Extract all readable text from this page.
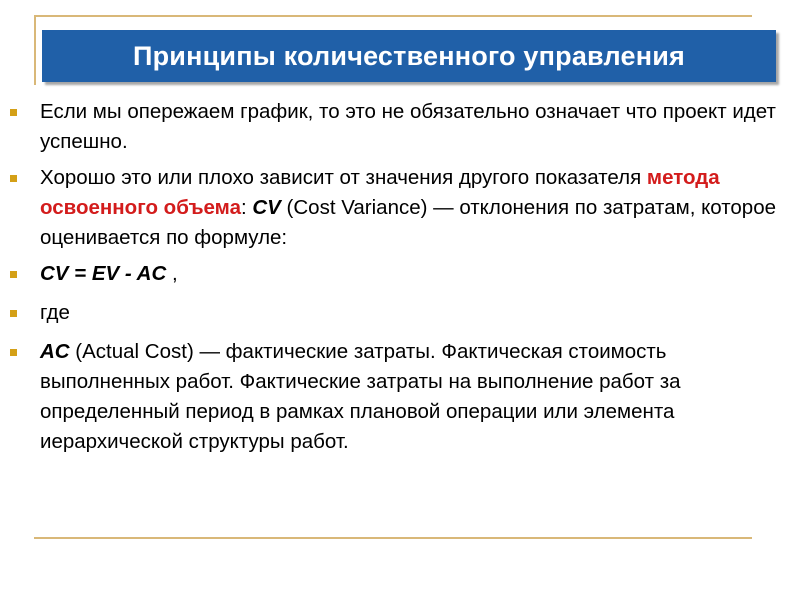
Принципы количественного управления
Если мы опережаем график, то это не обязательно означает что проект идет успешно.
Хорошо это или плохо зависит от значения другого показателя метода освоенного объема: CV (Cost Variance) — отклонения по затратам, которое оценивается по формуле:
CV = EV - AC ,
где
AC (Actual Cost) — фактические затраты. Фактическая стоимость выполненных работ. Фактические затраты на выполнение работ за определенный период в рамках плановой операции или элемента иерархической структуры работ.
